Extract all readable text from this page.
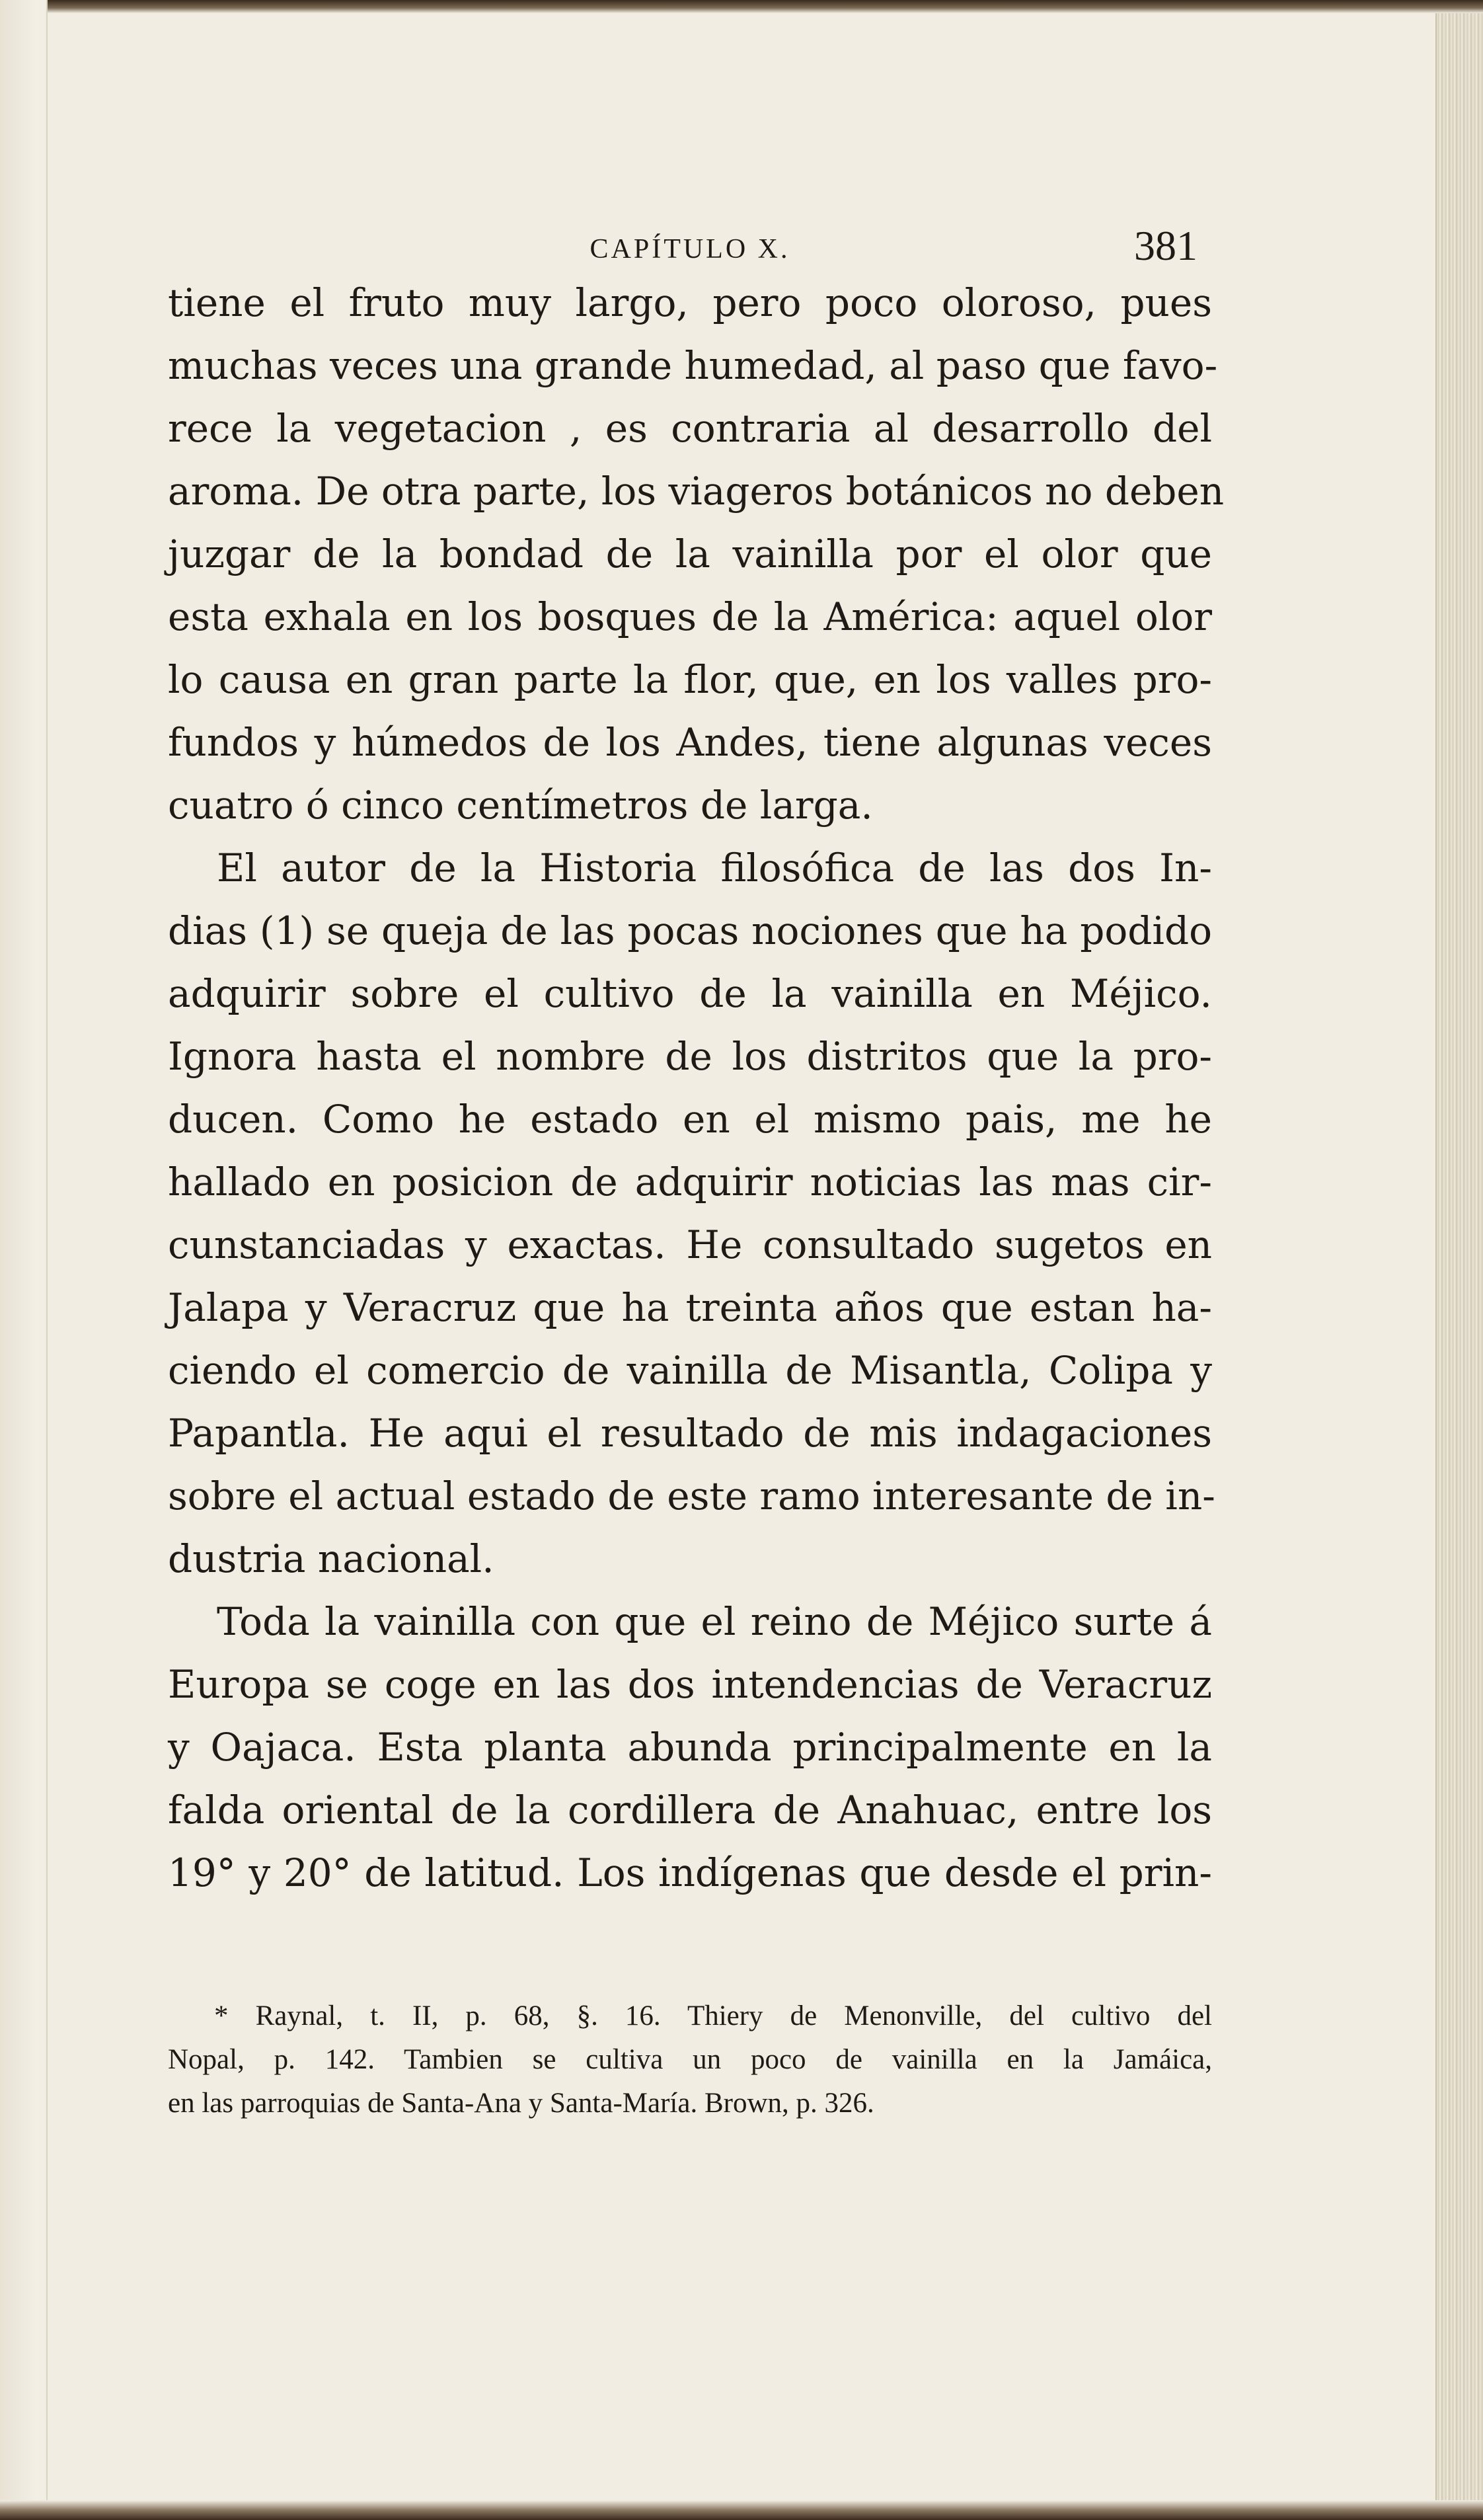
CAPÍTULO X.	381
tiene el fruto muy largo, pero poco oloroso, pues
muchas veces una grande humedad, al paso que favo-
rece la vegetacion , es contraria al desarrollo del
aroma. De otra parte, los viageros botánicos no deben
juzgar de la bondad de la vainilla por el olor que
esta exhala en los bosques de la América: aquel olor
lo causa en gran parte la flor, que, en los valles pro-
fundos y húmedos de los Andes, tiene algunas veces
cuatro ó cinco centímetros de larga.
El autor de la Historia filosófica de las dos In-
dias (1) se queja de las pocas nociones que ha podido
adquirir sobre el cultivo de la vainilla en Méjico.
Ignora hasta el nombre de los distritos que la pro-
ducen. Como he estado en el mismo pais, me he
hallado en posicion de adquirir noticias las mas cir-
cunstanciadas y exactas. He consultado sugetos en
Jalapa y Veracruz que ha treinta años que estan ha-
ciendo el comercio de vainilla de Misantla, Colipa y
Papantla. He aqui el resultado de mis indagaciones
sobre el actual estado de este ramo interesante de in-
dustria nacional.
Toda la vainilla con que el reino de Méjico surte á
Europa se coge en las dos intendencias de Veracruz
y Oajaca. Esta planta abunda principalmente en la
falda oriental de la cordillera de Anahuac, entre los
19° y 20° de latitud. Los indígenas que desde el prin-
* Raynal, t. II, p. 68, §. 16. Thiery de Menonville, del cultivo del
Nopal, p. 142. Tambien se cultiva un poco de vainilla en la Jamáica,
en las parroquias de Santa-Ana y Santa-María. Brown, p. 326.
